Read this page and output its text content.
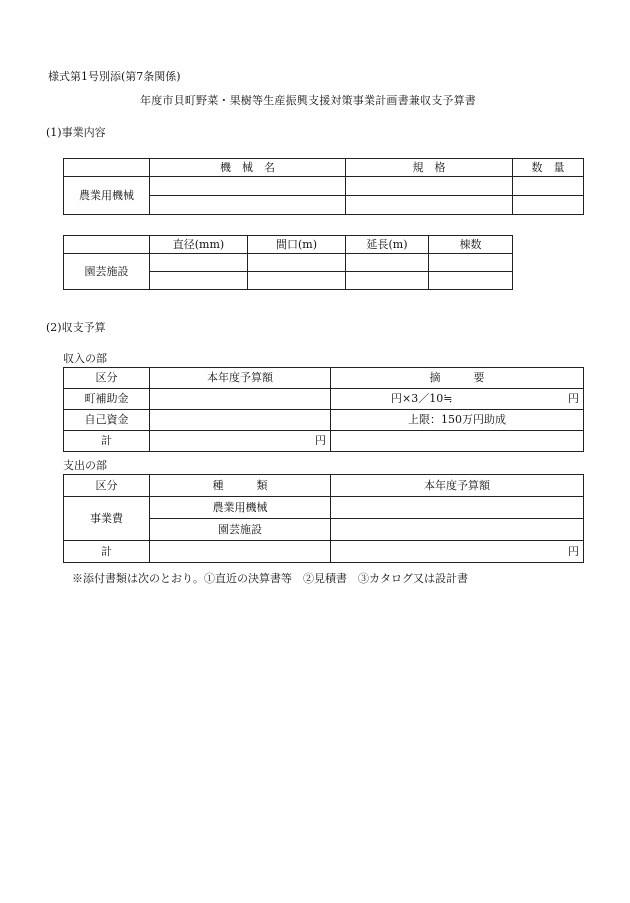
様式第1号別添(第7条関係)
年度市貝町野菜・果樹等生産振興支援対策事業計画書兼収支予算書
(1)事業内容
	機　械　名	規　格	数　量
農業用機械			

	直径(mm)	間口(m)	延長(m)	棟数
園芸施設				

(2)収支予算
収入の部
区分	本年度予算額	摘　　　要
町補助金		円×3／10≒ 円

自己資金		上限：150万円助成
計	円	
支出の部
区分	種　　　類	本年度予算額
事業費	農業用機械	
	園芸施設	
計		円
※添付書類は次のとおり。①直近の決算書等　②見積書　③カタログ又は設計書
